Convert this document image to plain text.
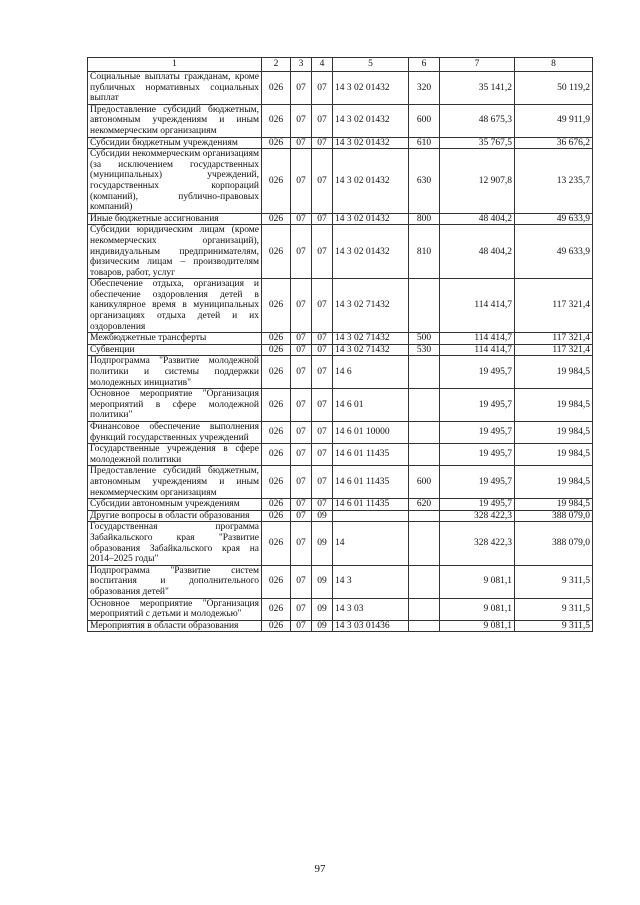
1	2	3	4	5	6	7	8
Социальные выплаты гражданам, кроме публичных нормативных социальных выплат	026	07	07	14 3 02 01432	320	35 141,2	50 119,2
Предоставление субсидий бюджетным, автономным учреждениям и иным некоммерческим организациям	026	07	07	14 3 02 01432	600	48 675,3	49 911,9
Субсидии бюджетным учреждениям	026	07	07	14 3 02 01432	610	35 767,5	36 676,2
Субсидии некоммерческим организациям (за исключением государственных (муниципальных) учреждений, государственных корпораций (компаний), публично-правовых компаний)	026	07	07	14 3 02 01432	630	12 907,8	13 235,7
Иные бюджетные ассигнования	026	07	07	14 3 02 01432	800	48 404,2	49 633,9
Субсидии юридическим лицам (кроме некоммерческих организаций), индивидуальным предпринимателям, физическим лицам – производителям товаров, работ, услуг	026	07	07	14 3 02 01432	810	48 404,2	49 633,9
Обеспечение отдыха, организация и обеспечение оздоровления детей в каникулярное время в муниципальных организациях отдыха детей и их оздоровления	026	07	07	14 3 02 71432		114 414,7	117 321,4
Межбюджетные трансферты	026	07	07	14 3 02 71432	500	114 414,7	117 321,4
Субвенции	026	07	07	14 3 02 71432	530	114 414,7	117 321,4
Подпрограмма "Развитие молодежной политики и системы поддержки молодежных инициатив"	026	07	07	14 6		19 495,7	19 984,5
Основное мероприятие "Организация мероприятий в сфере молодежной политики"	026	07	07	14 6 01		19 495,7	19 984,5
Финансовое обеспечение выполнения функций государственных учреждений	026	07	07	14 6 01 10000		19 495,7	19 984,5
Государственные учреждения в сфере молодежной политики	026	07	07	14 6 01 11435		19 495,7	19 984,5
Предоставление субсидий бюджетным, автономным учреждениям и иным некоммерческим организациям	026	07	07	14 6 01 11435	600	19 495,7	19 984,5
Субсидии автономным учреждениям	026	07	07	14 6 01 11435	620	19 495,7	19 984,5
Другие вопросы в области образования	026	07	09			328 422,3	388 079,0
Государственная программа Забайкальского края "Развитие образования Забайкальского края на 2014–2025 годы"	026	07	09	14		328 422,3	388 079,0
Подпрограмма "Развитие систем воспитания и дополнительного образования детей"	026	07	09	14 3		9 081,1	9 311,5
Основное мероприятие "Организация мероприятий с детьми и молодежью"	026	07	09	14 3 03		9 081,1	9 311,5
Мероприятия в области образования	026	07	09	14 3 03 01436		9 081,1	9 311,5
97
